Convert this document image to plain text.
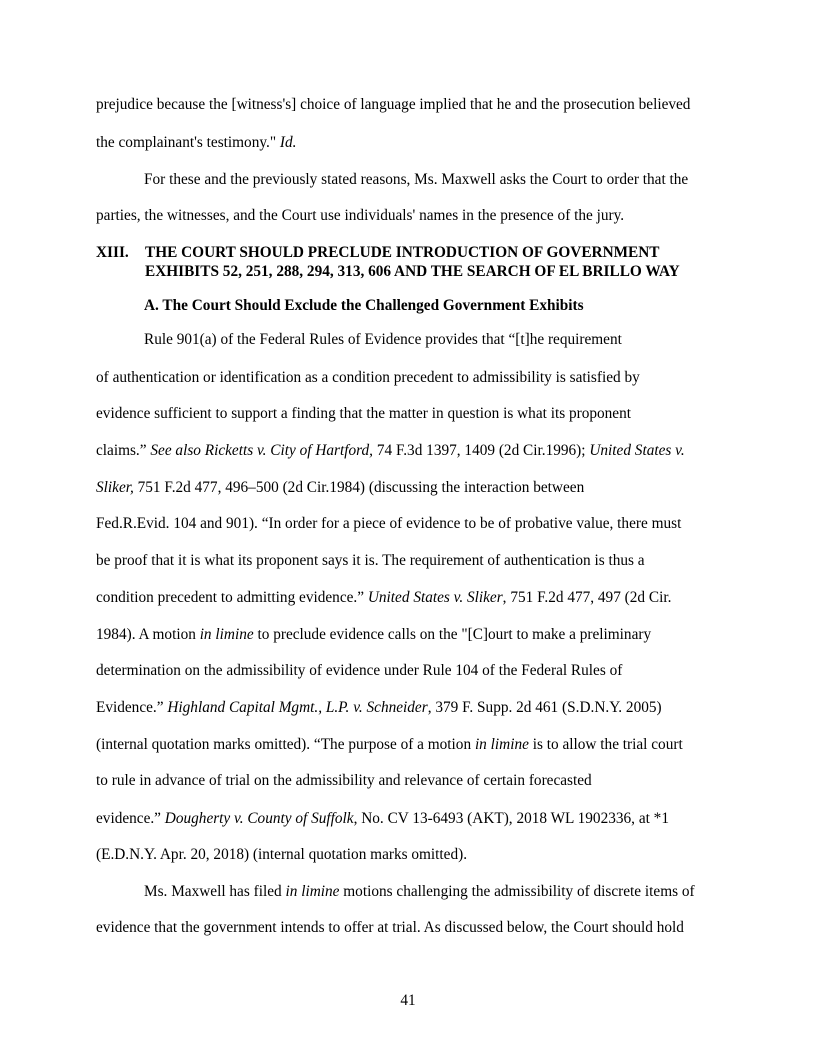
prejudice because the [witness's] choice of language implied that he and the prosecution believed
the complainant's testimony." Id.
For these and the previously stated reasons, Ms. Maxwell asks the Court to order that the
parties, the witnesses, and the Court use individuals' names in the presence of the jury.
XIII. THE COURT SHOULD PRECLUDE INTRODUCTION OF GOVERNMENT
EXHIBITS 52, 251, 288, 294, 313, 606 AND THE SEARCH OF EL BRILLO WAY
A. The Court Should Exclude the Challenged Government Exhibits
Rule 901(a) of the Federal Rules of Evidence provides that “[t]he requirement
of authentication or identification as a condition precedent to admissibility is satisfied by
evidence sufficient to support a finding that the matter in question is what its proponent
claims.” See also Ricketts v. City of Hartford, 74 F.3d 1397, 1409 (2d Cir.1996); United States v.
Sliker, 751 F.2d 477, 496–500 (2d Cir.1984) (discussing the interaction between
Fed.R.Evid. 104 and 901). “In order for a piece of evidence to be of probative value, there must
be proof that it is what its proponent says it is. The requirement of authentication is thus a
condition precedent to admitting evidence.” United States v. Sliker, 751 F.2d 477, 497 (2d Cir.
1984). A motion in limine to preclude evidence calls on the "[C]ourt to make a preliminary
determination on the admissibility of evidence under Rule 104 of the Federal Rules of
Evidence.” Highland Capital Mgmt., L.P. v. Schneider, 379 F. Supp. 2d 461 (S.D.N.Y. 2005)
(internal quotation marks omitted). “The purpose of a motion in limine is to allow the trial court
to rule in advance of trial on the admissibility and relevance of certain forecasted
evidence.” Dougherty v. County of Suffolk, No. CV 13-6493 (AKT), 2018 WL 1902336, at *1
(E.D.N.Y. Apr. 20, 2018) (internal quotation marks omitted).
Ms. Maxwell has filed in limine motions challenging the admissibility of discrete items of
evidence that the government intends to offer at trial. As discussed below, the Court should hold
41
